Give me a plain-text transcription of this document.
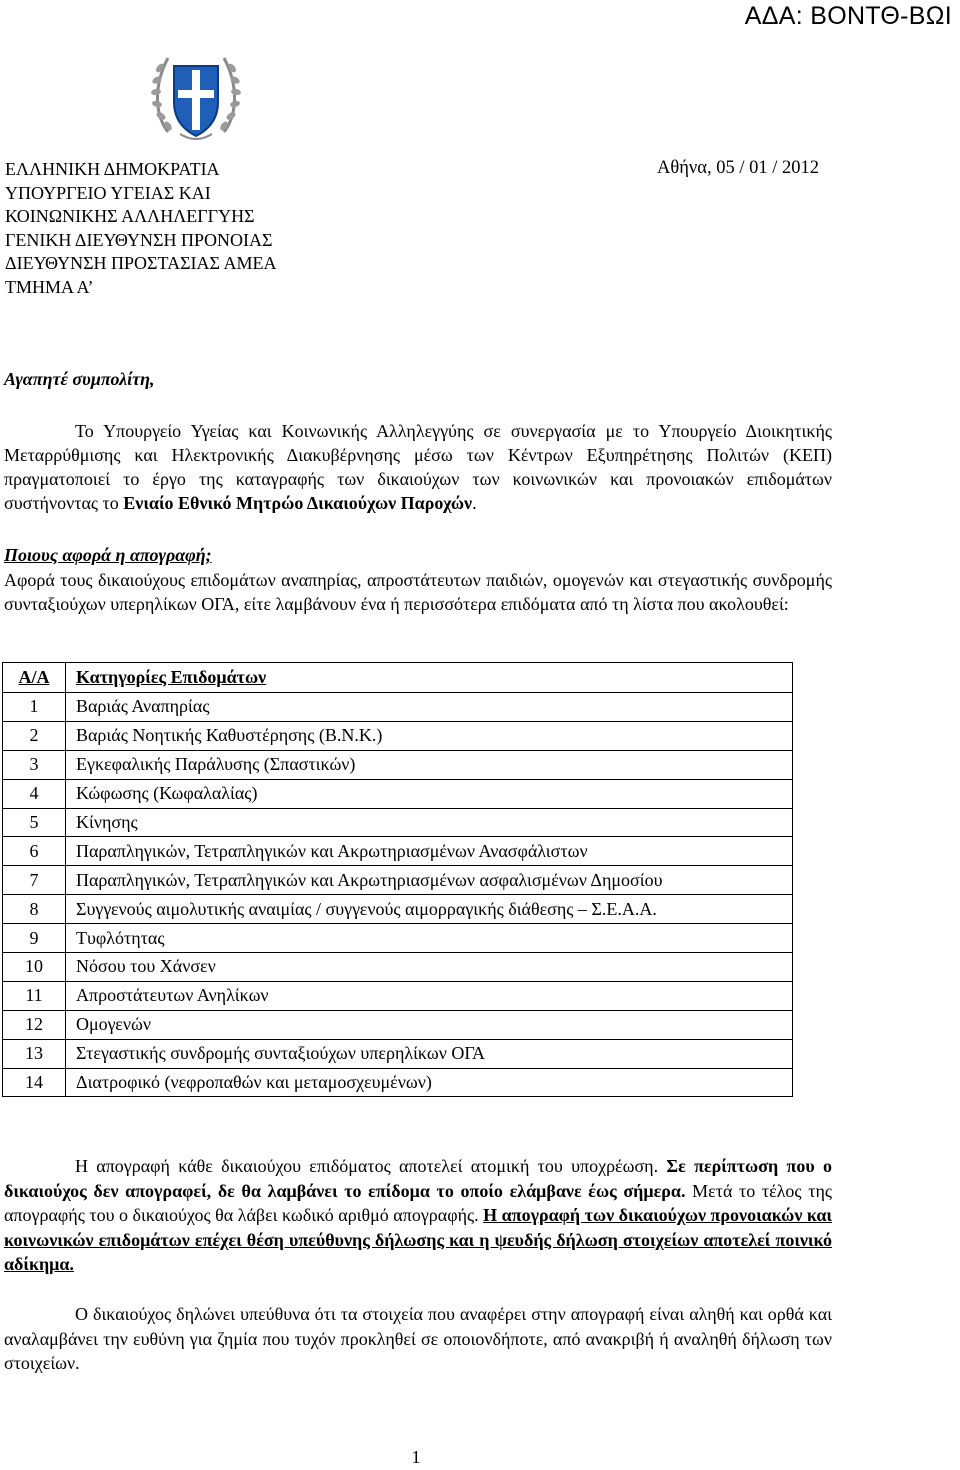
ΑΔΑ: ΒΟΝΤΘ-ΒΩΙ
ΕΛΛΗΝΙΚΗ ΔΗΜΟΚΡΑΤΙΑ
ΥΠΟΥΡΓΕΙΟ ΥΓΕΙΑΣ ΚΑΙ
ΚΟΙΝΩΝΙΚΗΣ ΑΛΛΗΛΕΓΓΥΗΣ
ΓΕΝΙΚΗ ΔΙΕΥΘΥΝΣΗ ΠΡΟΝΟΙΑΣ
ΔΙΕΥΘΥΝΣΗ ΠΡΟΣΤΑΣΙΑΣ ΑΜΕΑ
ΤΜΗΜΑ Α’
Αθήνα, 05 / 01 / 2012
Αγαπητέ συμπολίτη,
Το Υπουργείο Υγείας και Κοινωνικής Αλληλεγγύης σε συνεργασία με το Υπουργείο Διοικητικής Μεταρρύθμισης και Ηλεκτρονικής Διακυβέρνησης μέσω των Κέντρων Εξυπηρέτησης Πολιτών (ΚΕΠ) πραγματοποιεί το έργο της καταγραφής των δικαιούχων των κοινωνικών και προνοιακών επιδομάτων συστήνοντας το Ενιαίο Εθνικό Μητρώο Δικαιούχων Παροχών.
Ποιους αφορά η απογραφή;
Αφορά τους δικαιούχους επιδομάτων αναπηρίας, απροστάτευτων παιδιών, ομογενών και στεγαστικής συνδρομής συνταξιούχων υπερηλίκων ΟΓΑ, είτε λαμβάνουν ένα ή περισσότερα επιδόματα από τη λίστα που ακολουθεί:
Α/Α	Κατηγορίες Επιδομάτων
1	Βαριάς Αναπηρίας
2	Βαριάς Νοητικής Καθυστέρησης (Β.Ν.Κ.)
3	Εγκεφαλικής Παράλυσης (Σπαστικών)
4	Κώφωσης (Κωφαλαλίας)
5	Κίνησης
6	Παραπληγικών, Τετραπληγικών και Ακρωτηριασμένων Ανασφάλιστων
7	Παραπληγικών, Τετραπληγικών και Ακρωτηριασμένων ασφαλισμένων Δημοσίου
8	Συγγενούς αιμολυτικής αναιμίας / συγγενούς αιμορραγικής διάθεσης – Σ.Ε.Α.Α.
9	Τυφλότητας
10	Νόσου του Χάνσεν
11	Απροστάτευτων Ανηλίκων
12	Ομογενών
13	Στεγαστικής συνδρομής συνταξιούχων υπερηλίκων ΟΓΑ
14	Διατροφικό (νεφροπαθών και μεταμοσχευμένων)
Η απογραφή κάθε δικαιούχου επιδόματος αποτελεί ατομική του υποχρέωση. Σε περίπτωση που ο δικαιούχος δεν απογραφεί, δε θα λαμβάνει το επίδομα το οποίο ελάμβανε έως σήμερα. Μετά το τέλος της απογραφής του ο δικαιούχος θα λάβει κωδικό αριθμό απογραφής. Η απογραφή των δικαιούχων προνοιακών και κοινωνικών επιδομάτων επέχει θέση υπεύθυνης δήλωσης και η ψευδής δήλωση στοιχείων αποτελεί ποινικό αδίκημα.
Ο δικαιούχος δηλώνει υπεύθυνα ότι τα στοιχεία που αναφέρει στην απογραφή είναι αληθή και ορθά και αναλαμβάνει την ευθύνη για ζημία που τυχόν προκληθεί σε οποιονδήποτε, από ανακριβή ή αναληθή δήλωση των στοιχείων.
1
